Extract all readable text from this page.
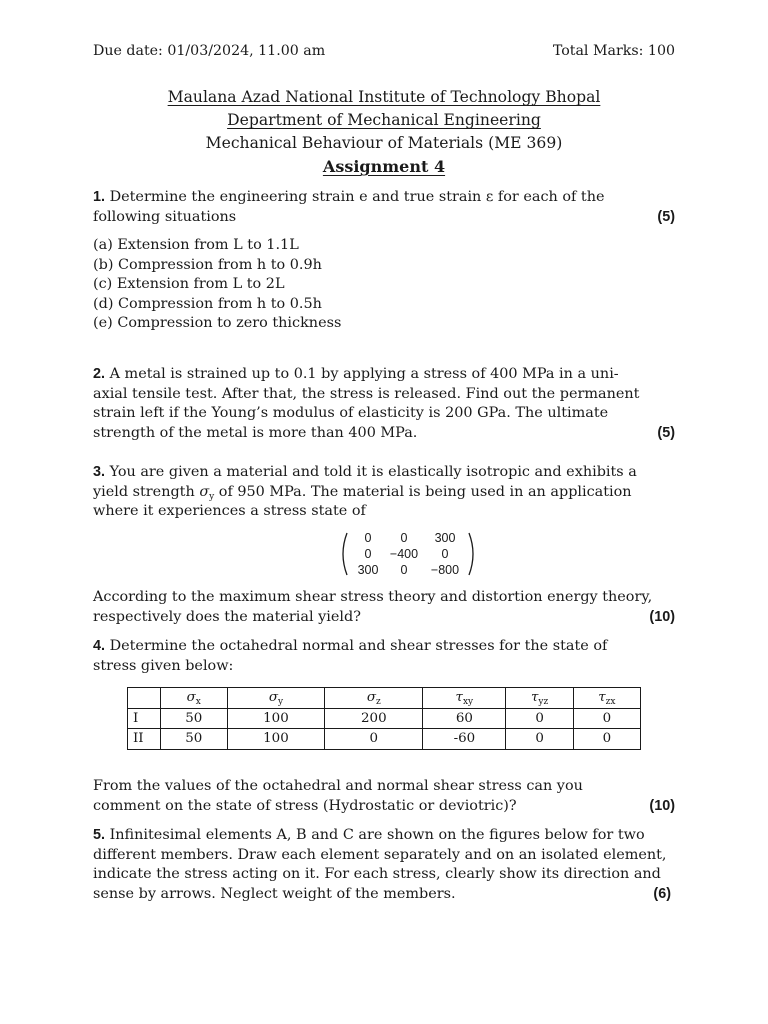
Due date: 01/03/2024, 11.00 am	Total Marks: 100
Maulana Azad National Institute of Technology Bhopal
Department of Mechanical Engineering
Mechanical Behaviour of Materials (ME 369)
Assignment 4
1. Determine the engineering strain e and true strain ε for each of the
following situations	(5)
(a) Extension from L to 1.1L
(b) Compression from h to 0.9h
(c) Extension from L to 2L
(d) Compression from h to 0.5h
(e) Compression to zero thickness
2. A metal is strained up to 0.1 by applying a stress of 400 MPa in a uni-
axial tensile test. After that, the stress is released. Find out the permanent
strain left if the Young’s modulus of elasticity is 200 GPa. The ultimate
strength of the metal is more than 400 MPa.	(5)
3. You are given a material and told it is elastically isotropic and exhibits a
yield strength $\sigma_y$ of 950 MPa. The material is being used in an application
where it experiences a stress state of
0	0	300
0	−400	0
300	0	−800
According to the maximum shear stress theory and distortion energy theory,
respectively does the material yield?	(10)
4. Determine the octahedral normal and shear stresses for the state of
stress given below:
	$\sigma_x$	$\sigma_y$	$\sigma_z$	$\tau_{xy}$	$\tau_{yz}$	$\tau_{zx}$
I	50	100	200	60	0	0
II	50	100	0	-60	0	0
From the values of the octahedral and normal shear stress can you
comment on the state of stress (Hydrostatic or deviotric)?	(10)
5. Infinitesimal elements A, B and C are shown on the figures below for two
different members. Draw each element separately and on an isolated element,
indicate the stress acting on it. For each stress, clearly show its direction and
sense by arrows. Neglect weight of the members.	(6)
